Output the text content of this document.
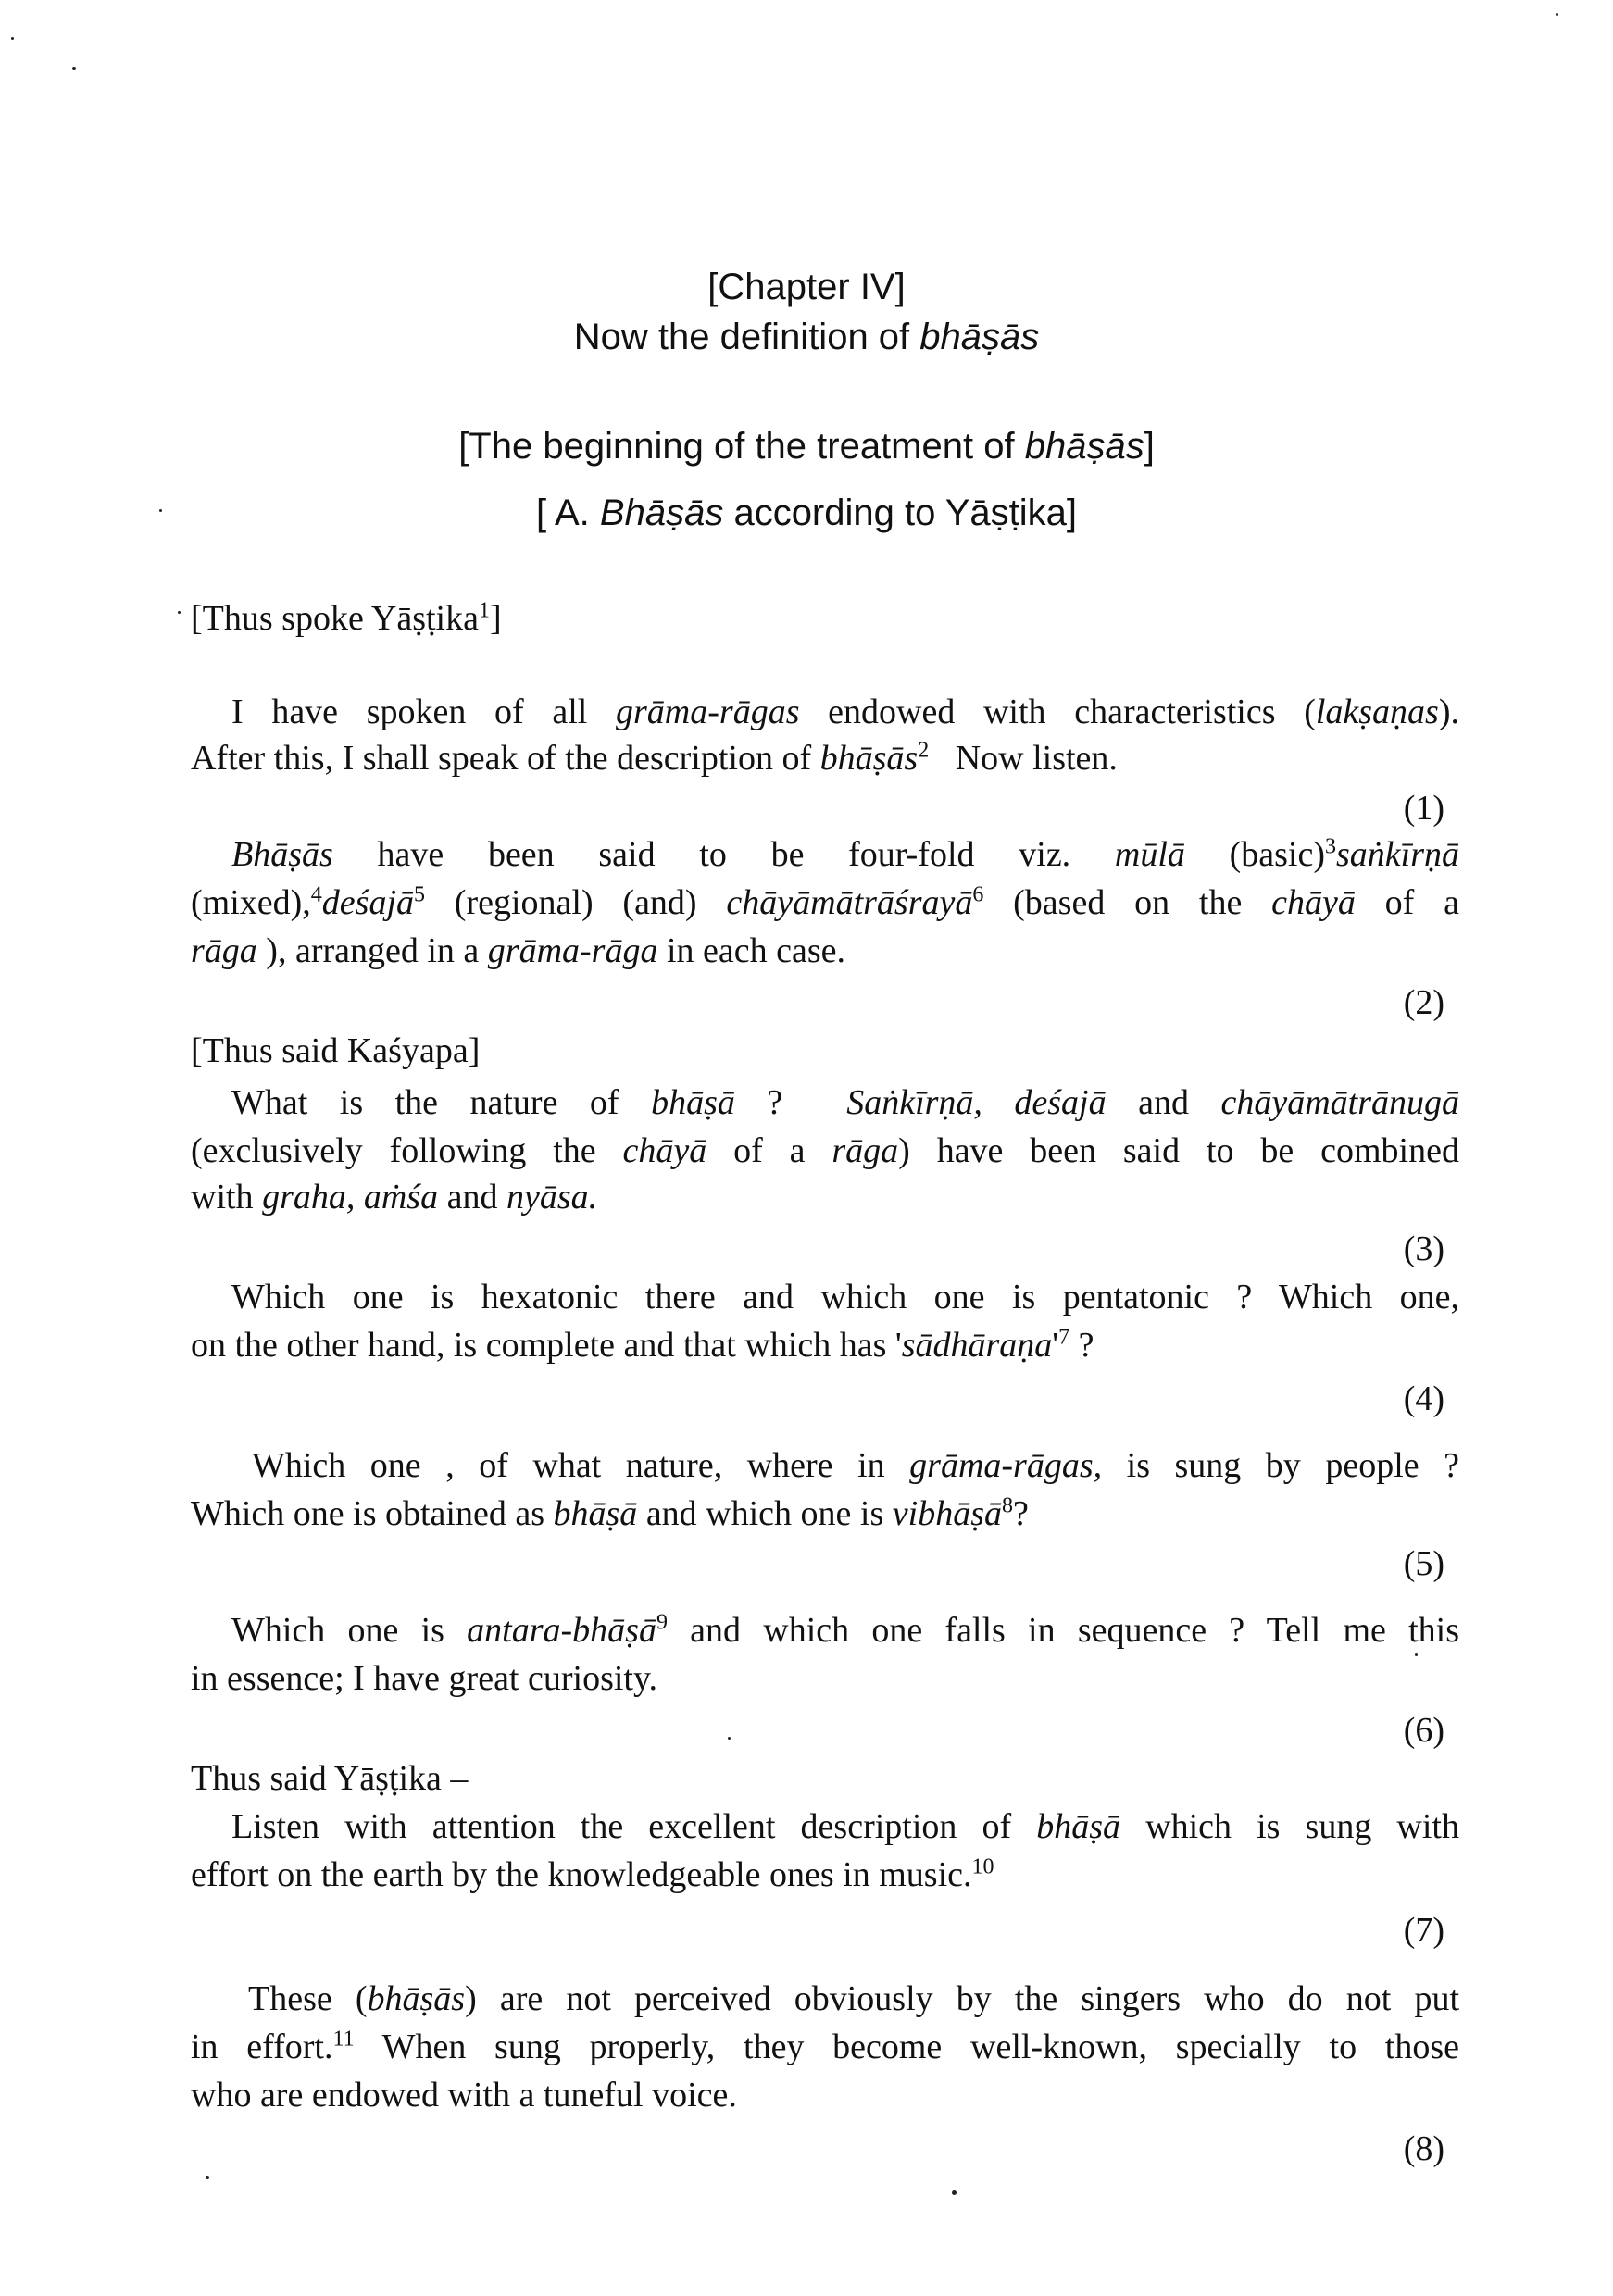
[Chapter IV]
Now the definition of bhāṣās
[The beginning of the treatment of bhāṣās]
[ A. Bhāṣās according to Yāṣṭika]
[Thus spoke Yāṣṭika$^1$]
I have spoken of all grāma-rāgas endowed with characteristics (lakṣaṇas).
After this, I shall speak of the description of bhāṣās$^2$   Now listen.
(1)
Bhāṣās have been said to be four-fold viz. mūlā (basic)$^3$saṅkīrṇā
(mixed),$^4$deśajā$^5$ (regional) (and) chāyāmātrāśrayā$^6$ (based on the chāyā of a
rāga ), arranged in a grāma-rāga in each case.
(2)
[Thus said Kaśyapa]
What is the nature of bhāṣā ?  Saṅkīrṇā, deśajā and chāyāmātrānugā
(exclusively following the chāyā of a rāga) have been said to be combined
with graha, aṁśa and nyāsa.
(3)
Which one is hexatonic there and which one is pentatonic ? Which one,
on the other hand, is complete and that which has '$sādhāraṇa'^7$ ?
(4)
Which one , of what nature, where in grāma-rāgas, is sung by people ?
Which one is obtained as bhāṣā and which one is vibhāṣā$^8$?
(5)
Which one is antara-bhāṣā$^9$ and which one falls in sequence ? Tell me this
in essence; I have great curiosity.
(6)
Thus said Yāṣṭika –
Listen with attention the excellent description of bhāṣā which is sung with
effort on the earth by the knowledgeable ones in music.$^{10}$
(7)
These (bhāṣās) are not perceived obviously by the singers who do not put
in effort.$^{11}$ When sung properly, they become well-known, specially to those
who are endowed with a tuneful voice.
(8)
